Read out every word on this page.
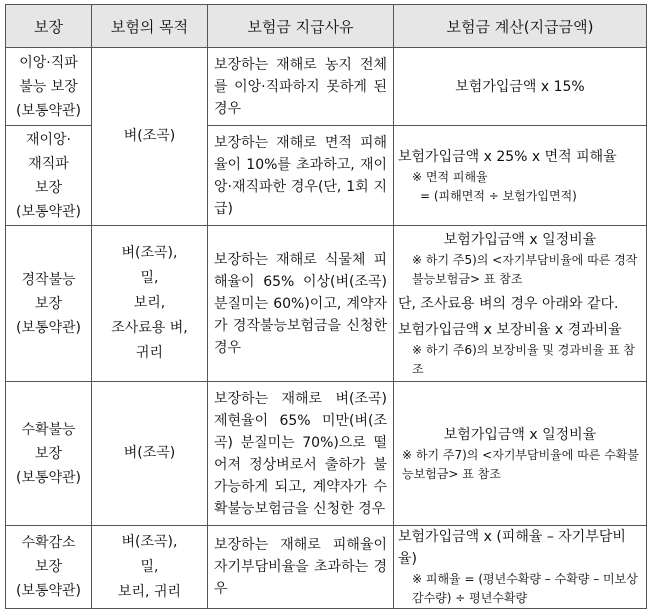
보장	보험의 목적	보험금 지급사유	보험금 계산(지급금액)

이앙·직파
불능 보장
(보통약관)	벼(조곡)	보장하는 재해로 농지 전체를 이앙·직파하지 못하게 된 경우	보험가입금액 x 15%

재이앙·
재직파
보장
(보통약관)		보장하는 재해로 면적 피해율이 10%를 초과하고, 재이앙·재직파한 경우(단, 1회 지급)	보험가입금액 x 25% x 면적 피해율
※ 면적 피해율
= (피해면적 ÷ 보험가입면적)

경작불능
보장
(보통약관)	벼(조곡),
밀,
보리,
조사료용 벼,
귀리	보장하는 재해로 식물체 피해율이 65% 이상(벼(조곡) 분질미는 60%)이고, 계약자가 경작불능보험금을 신청한 경우	보험가입금액 x 일정비율
※ 하기 주5)의 <자기부담비율에 따른 경작불능보험금> 표 참조
단, 조사료용 벼의 경우 아래와 같다.
보험가입금액 x 보장비율 x 경과비율
※ 하기 주6)의 보장비율 및 경과비율 표 참조

수확불능
보장
(보통약관)	벼(조곡)	보장하는 재해로 벼(조곡) 제현율이 65% 미만(벼(조곡) 분질미는 70%)으로 떨어져 정상벼로서 출하가 불가능하게 되고, 계약자가 수확불능보험금을 신청한 경우	보험가입금액 x 일정비율
※ 하기 주7)의 <자기부담비율에 따른 수확불능보험금> 표 참조

수확감소
보장
(보통약관)	벼(조곡),
밀,
보리, 귀리	보장하는 재해로 피해율이 자기부담비율을 초과하는 경우	보험가입금액 x (피해율 – 자기부담비율)
※ 피해율 = (평년수확량 – 수확량 – 미보상감수량) ÷ 평년수확량
